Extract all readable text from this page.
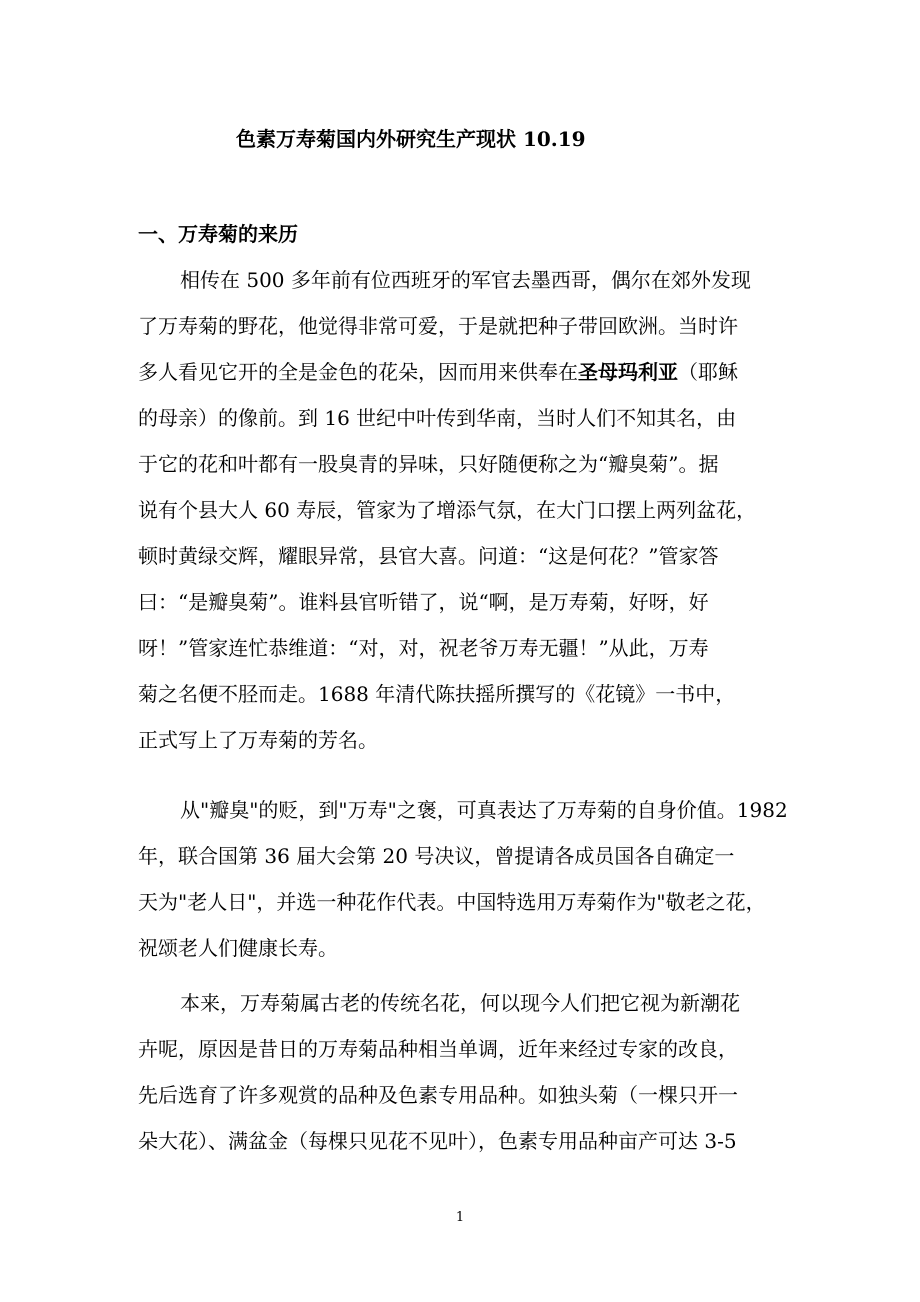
色素万寿菊国内外研究生产现状 10.19
一、万寿菊的来历

相传在 500 多年前有位西班牙的军官去墨西哥，偶尔在郊外发现

了万寿菊的野花，他觉得非常可爱，于是就把种子带回欧洲。当时许

多人看见它开的全是金色的花朵，因而用来供奉在圣母玛利亚（耶稣

的母亲）的像前。到 16 世纪中叶传到华南，当时人们不知其名，由

于它的花和叶都有一股臭青的异味，只好随便称之为“瓣臭菊”。据

说有个县大人 60 寿辰，管家为了增添气氛，在大门口摆上两列盆花，

顿时黄绿交辉，耀眼异常，县官大喜。问道：“这是何花？”管家答

曰：“是瓣臭菊”。谁料县官听错了，说“啊，是万寿菊，好呀，好

呀！”管家连忙恭维道：“对，对，祝老爷万寿无疆！”从此，万寿

菊之名便不胫而走。1688 年清代陈扶摇所撰写的《花镜》一书中，

正式写上了万寿菊的芳名。

从"瓣臭"的贬，到"万寿"之褒，可真表达了万寿菊的自身价值。1982

年，联合国第 36 届大会第 20 号决议，曾提请各成员国各自确定一

天为"老人日"，并选一种花作代表。中国特选用万寿菊作为"敬老之花，

祝颂老人们健康长寿。

本来，万寿菊属古老的传统名花，何以现今人们把它视为新潮花

卉呢，原因是昔日的万寿菊品种相当单调，近年来经过专家的改良，

先后选育了许多观赏的品种及色素专用品种。如独头菊（一棵只开一

朵大花）、满盆金（每棵只见花不见叶），色素专用品种亩产可达 3-5

1
